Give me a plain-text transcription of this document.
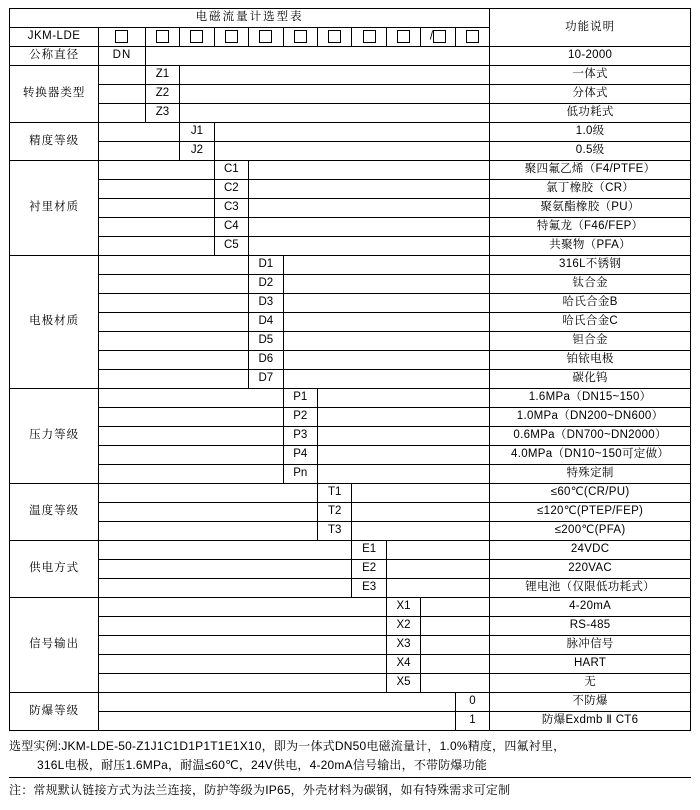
电磁流量计选型表												功能说明
JKM-LDE										/		
公称直径	DN											10-2000
转换器类型		Z1										一体式
		Z2										分体式
		Z3										低功耗式
精度等级			J1									1.0级
			J2									0.5级
衬里材质				C1								聚四氟乙烯（F4/PTFE）
				C2								氯丁橡胶（CR）
				C3								聚氨酯橡胶（PU）
				C4								特氟龙（F46/FEP）
				C5								共聚物（PFA）
电极材质					D1							316L不锈钢
					D2							钛合金
					D3							哈氏合金B
					D4							哈氏合金C
					D5							钽合金
					D6							铂铱电极
					D7							碳化钨
压力等级						P1						1.6MPa（DN15~150）
						P2						1.0MPa（DN200~DN600）
						P3						0.6MPa（DN700~DN2000）
						P4						4.0MPa（DN10~150可定做）
						Pn						特殊定制
温度等级							T1					≤60℃(CR/PU)
							T2					≤120℃(PTEP/FEP)
							T3					≤200℃(PFA)
供电方式								E1				24VDC
								E2				220VAC
								E3				锂电池（仅限低功耗式）
信号输出									X1			4-20mA
									X2			RS-485
									X3			脉冲信号
									X4			HART
									X5			无
防爆等级											0	不防爆
											1	防爆Exdmb Ⅱ CT6
选型实例:JKM-LDE-50-Z1J1C1D1P1T1E1X10，即为一体式DN50电磁流量计，1.0%精度，四氟衬里，
316L电极，耐压1.6MPa，耐温≤60℃，24V供电，4-20mA信号输出，不带防爆功能
注：常规默认链接方式为法兰连接，防护等级为IP65，外壳材料为碳钢，如有特殊需求可定制
